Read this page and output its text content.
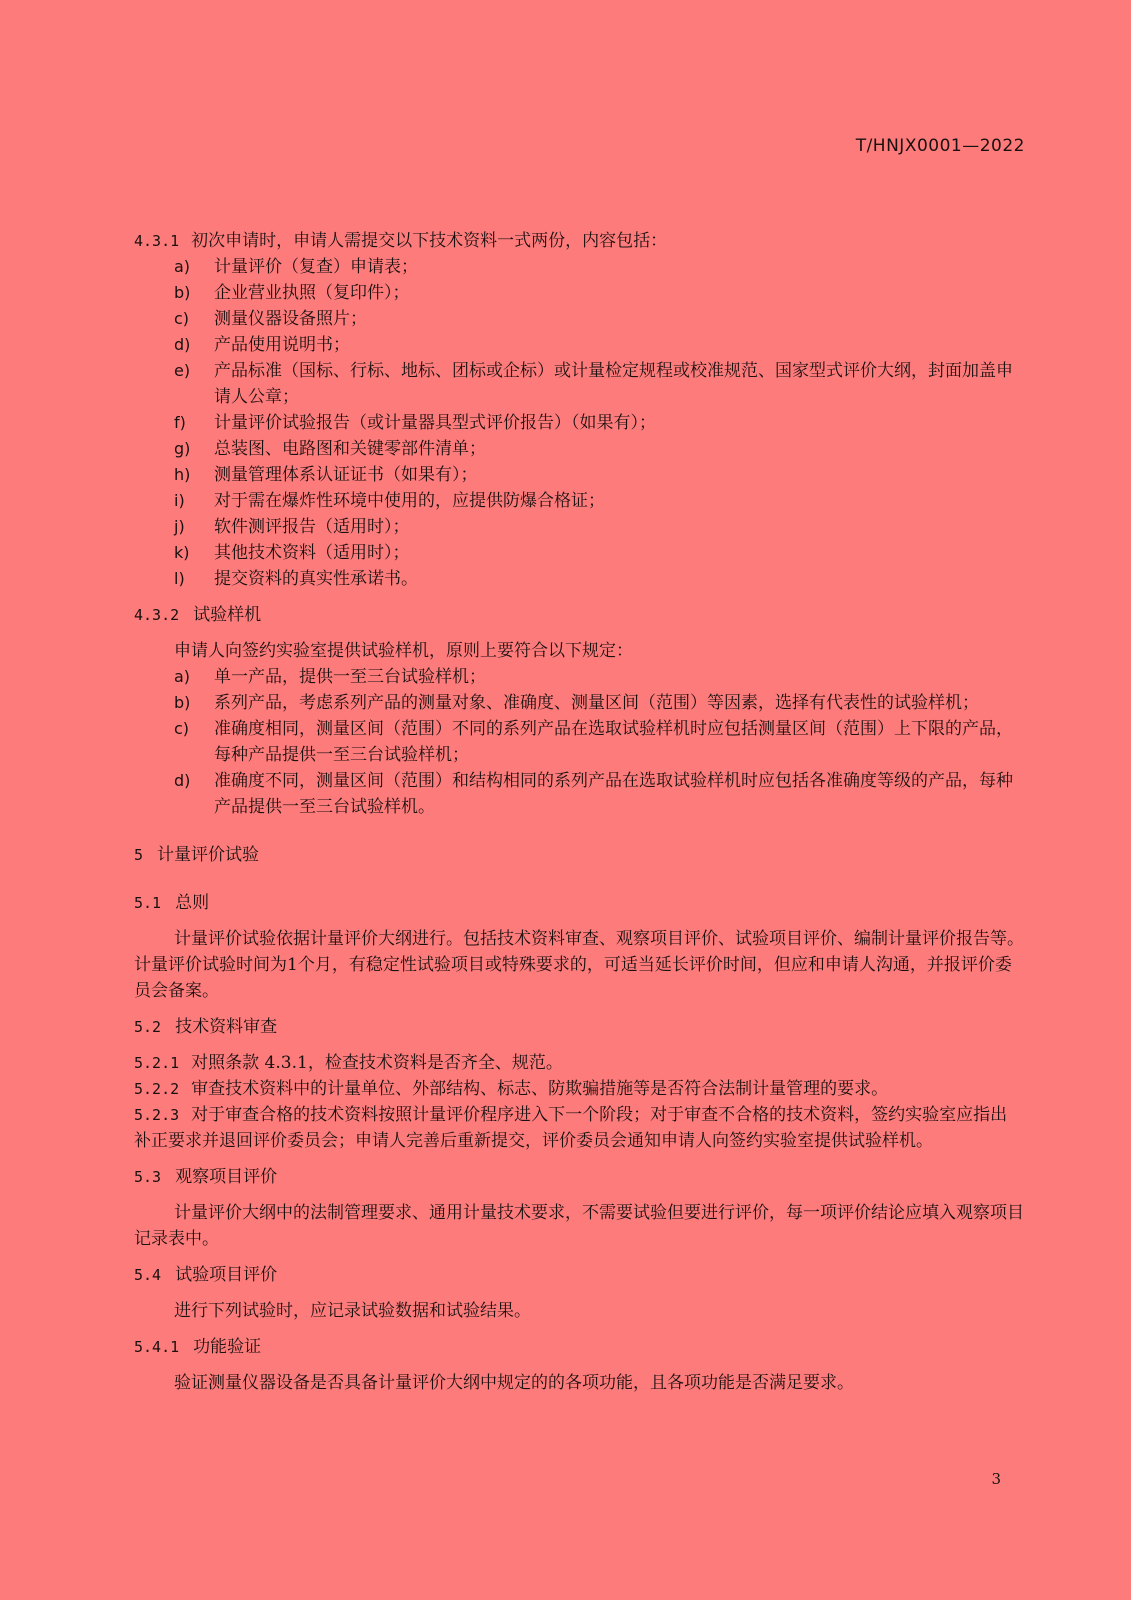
T/HNJX0001—2022

4.3.1 初次申请时，申请人需提交以下技术资料一式两份，内容包括：

a)	计量评价（复查）申请表；
b)	企业营业执照（复印件）；
c)	测量仪器设备照片；
d)	产品使用说明书；
e)	产品标准（国标、行标、地标、团标或企标）或计量检定规程或校准规范、国家型式评价大纲，封面加盖申请人公章；
f)	计量评价试验报告（或计量器具型式评价报告）（如果有）；
g)	总装图、电路图和关键零部件清单；
h)	测量管理体系认证证书（如果有）；
i)	对于需在爆炸性环境中使用的，应提供防爆合格证；
j)	软件测评报告（适用时）；
k)	其他技术资料（适用时）；
l)	提交资料的真实性承诺书。

4.3.2 试验样机

申请人向签约实验室提供试验样机，原则上要符合以下规定：

a)	单一产品，提供一至三台试验样机；
b)	系列产品，考虑系列产品的测量对象、准确度、测量区间（范围）等因素，选择有代表性的试验样机；
c)	准确度相同，测量区间（范围）不同的系列产品在选取试验样机时应包括测量区间（范围）上下限的产品，每种产品提供一至三台试验样机；
d)	准确度不同，测量区间（范围）和结构相同的系列产品在选取试验样机时应包括各准确度等级的产品，每种产品提供一至三台试验样机。

5 计量评价试验

5.1 总则

计量评价试验依据计量评价大纲进行。包括技术资料审查、观察项目评价、试验项目评价、编制计量评价报告等。计量评价试验时间为1个月，有稳定性试验项目或特殊要求的，可适当延长评价时间，但应和申请人沟通，并报评价委员会备案。

5.2 技术资料审查

5.2.1 对照条款 4.3.1，检查技术资料是否齐全、规范。

5.2.2 审查技术资料中的计量单位、外部结构、标志、防欺骗措施等是否符合法制计量管理的要求。

5.2.3 对于审查合格的技术资料按照计量评价程序进入下一个阶段；对于审查不合格的技术资料，签约实验室应指出补正要求并退回评价委员会；申请人完善后重新提交，评价委员会通知申请人向签约实验室提供试验样机。

5.3 观察项目评价

计量评价大纲中的法制管理要求、通用计量技术要求，不需要试验但要进行评价，每一项评价结论应填入观察项目记录表中。

5.4 试验项目评价

进行下列试验时，应记录试验数据和试验结果。

5.4.1 功能验证

验证测量仪器设备是否具备计量评价大纲中规定的的各项功能，且各项功能是否满足要求。

3
